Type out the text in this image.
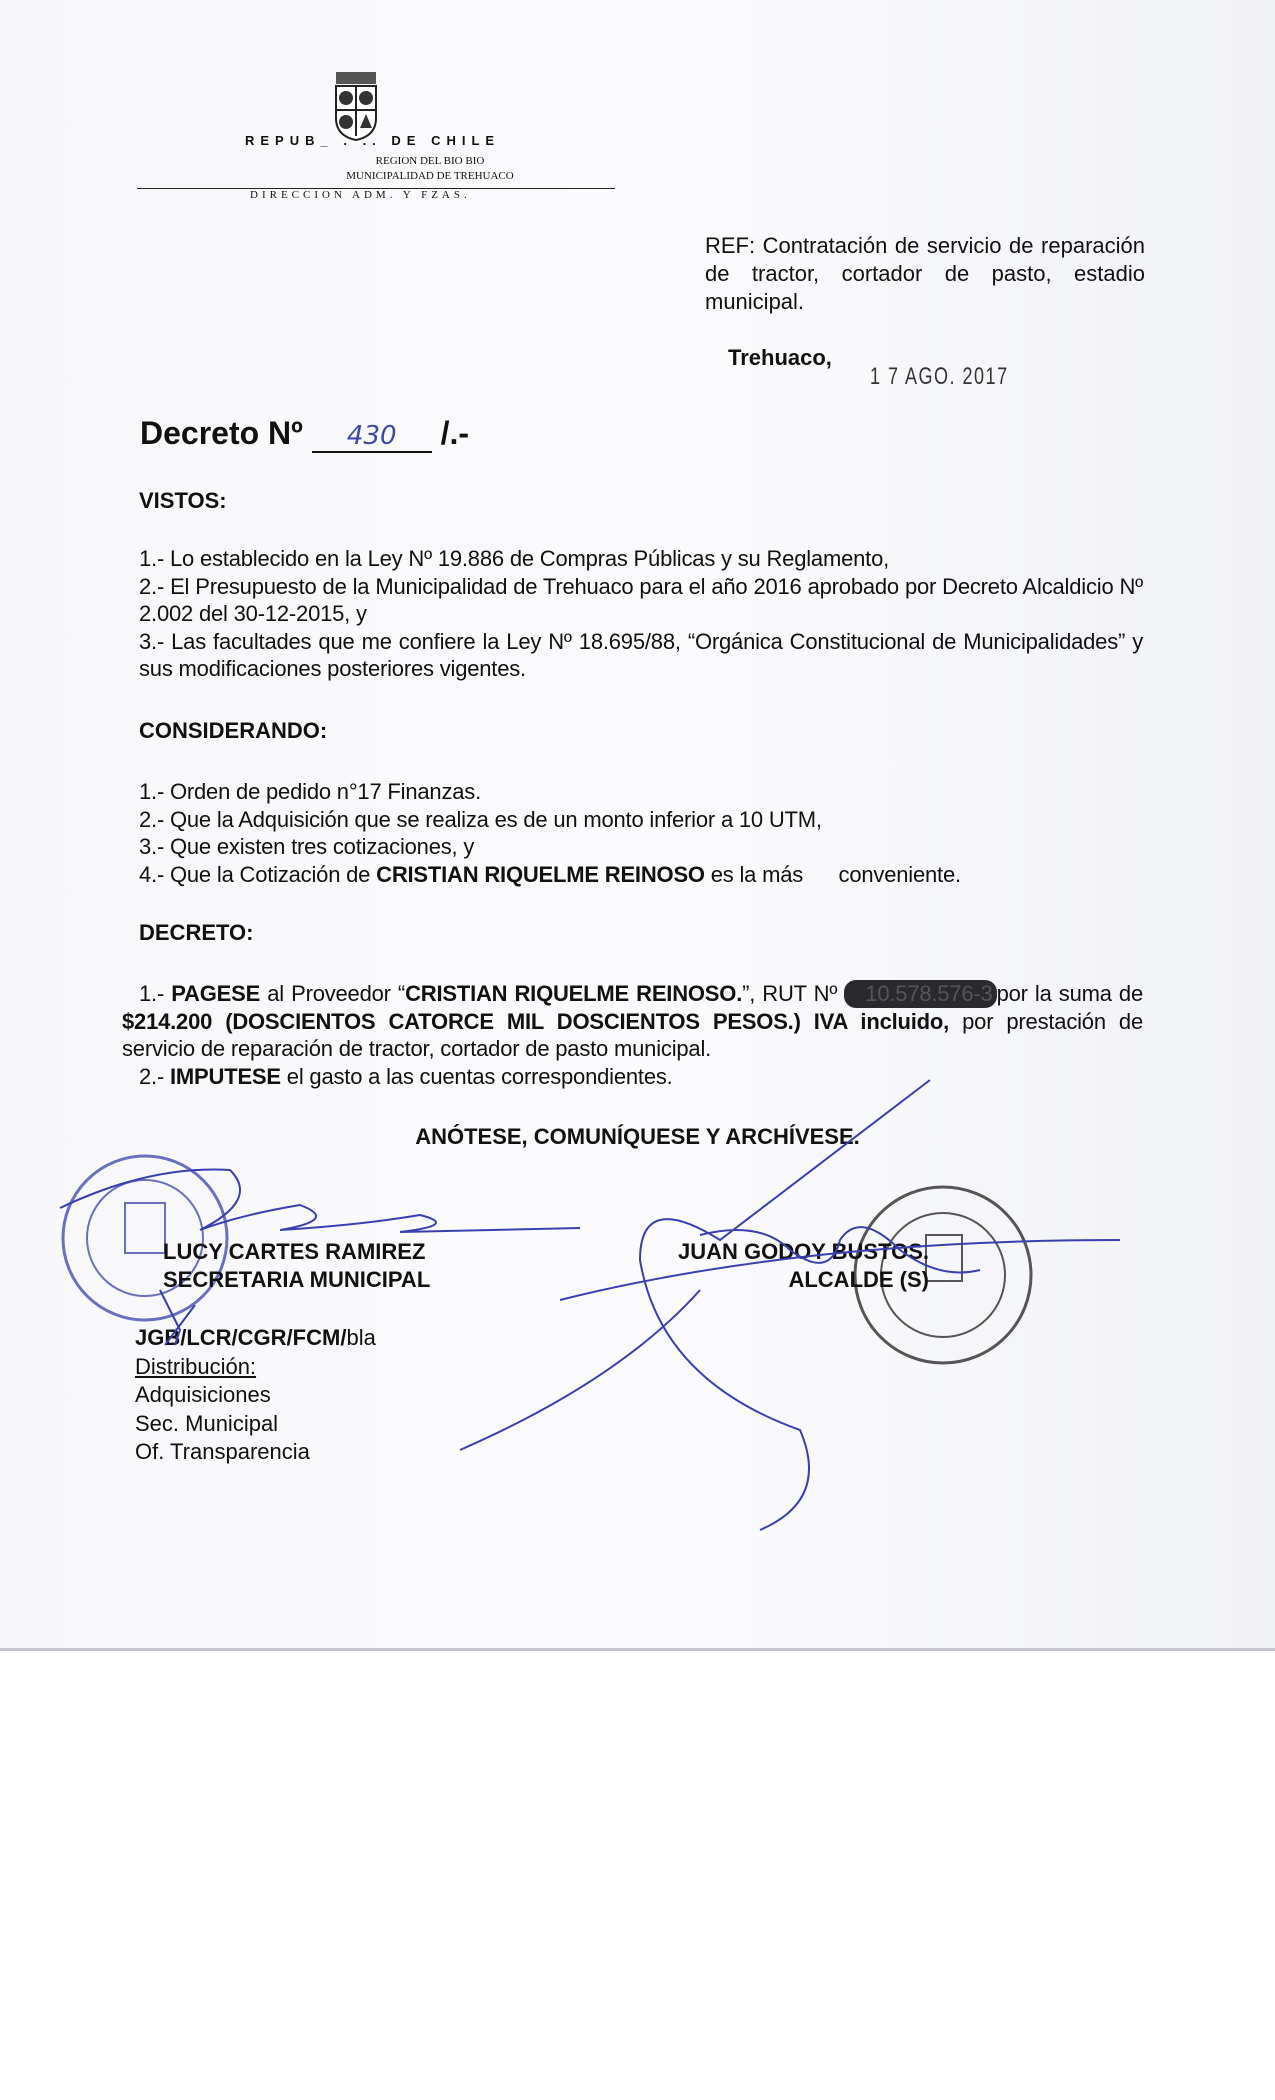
REPUB_ . .. DE CHILE
REGION DEL BIO BIO
MUNICIPALIDAD DE TREHUACO
DIRECCION ADM. Y FZAS.
REF: Contratación de servicio de reparación de tractor, cortador de pasto, estadio municipal.
Trehuaco,
1 7 AGO. 2017
Decreto Nº 430 /.-
VISTOS:

1.- Lo establecido en la Ley Nº 19.886 de Compras Públicas y su Reglamento,

2.- El Presupuesto de la Municipalidad de Trehuaco para el año 2016 aprobado por Decreto Alcaldicio Nº 2.002 del 30-12-2015, y

3.- Las facultades que me confiere la Ley Nº 18.695/88, “Orgánica Constitucional de Municipalidades” y sus modificaciones posteriores vigentes.

CONSIDERANDO:

1.- Orden de pedido n°17 Finanzas.

2.- Que la Adquisición que se realiza es de un monto inferior a 10 UTM,

3.- Que existen tres cotizaciones, y

4.- Que la Cotización de CRISTIAN RIQUELME REINOSO es la más      conveniente.

DECRETO:

1.- PAGESE al Proveedor “CRISTIAN RIQUELME REINOSO.”, RUT Nº 10.578.576-3 por la suma de $214.200 (DOSCIENTOS CATORCE MIL DOSCIENTOS PESOS.) IVA incluido, por prestación de servicio de reparación de tractor, cortador de pasto municipal.

2.- IMPUTESE el gasto a las cuentas correspondientes.

ANÓTESE, COMUNÍQUESE Y ARCHÍVESE.
LUCY CARTES RAMIREZ
SECRETARIA MUNICIPAL
JUAN GODOY BUSTOS.
ALCALDE (S)
JGB/LCR/CGR/FCM/bla
Distribución:
Adquisiciones
Sec. Municipal
Of. Transparencia
